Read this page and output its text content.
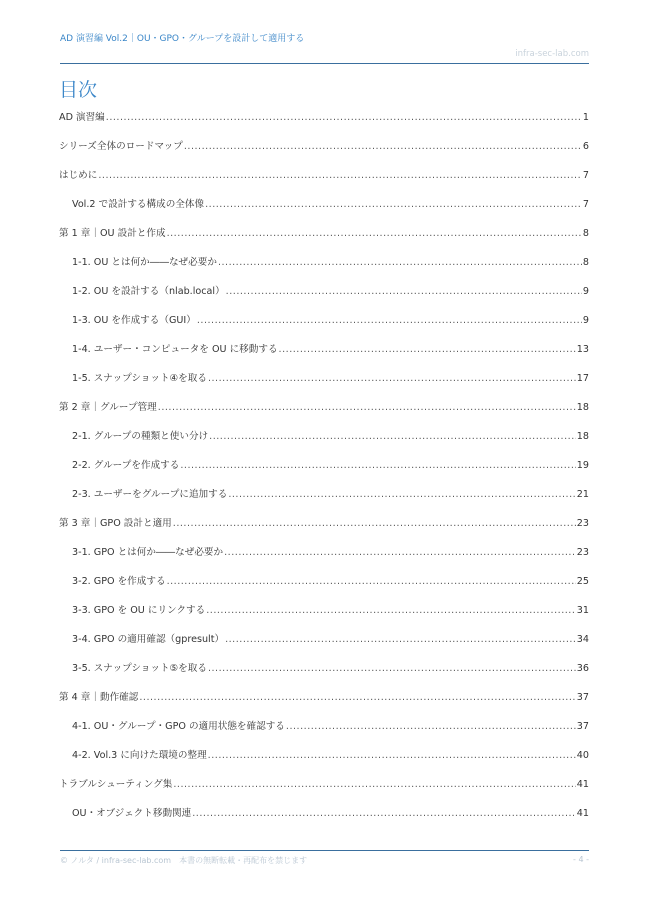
AD 演習編 Vol.2｜OU・GPO・グループを設計して適用する
infra-sec-lab.com
目次
AD 演習編 .....	1
シリーズ全体のロードマップ .....	6
はじめに .....	7
Vol.2 で設計する構成の全体像 .....	7
第 1 章｜OU 設計と作成 .....	8
1-1. OU とは何か――なぜ必要か .....	8
1-2. OU を設計する（nlab.local） .....	9
1-3. OU を作成する（GUI） .....	9
1-4. ユーザー・コンピュータを OU に移動する .....	13
1-5. スナップショット④を取る .....	17
第 2 章｜グループ管理 .....	18
2-1. グループの種類と使い分け .....	18
2-2. グループを作成する .....	19
2-3. ユーザーをグループに追加する .....	21
第 3 章｜GPO 設計と適用 .....	23
3-1. GPO とは何か――なぜ必要か .....	23
3-2. GPO を作成する .....	25
3-3. GPO を OU にリンクする .....	31
3-4. GPO の適用確認（gpresult） .....	34
3-5. スナップショット⑤を取る .....	36
第 4 章｜動作確認 .....	37
4-1. OU・グループ・GPO の適用状態を確認する .....	37
4-2. Vol.3 に向けた環境の整理 .....	40
トラブルシューティング集 .....	41
OU・オブジェクト移動関連 .....	41
© ノルタ / infra-sec-lab.com　本書の無断転載・再配布を禁じます	- 4 -
